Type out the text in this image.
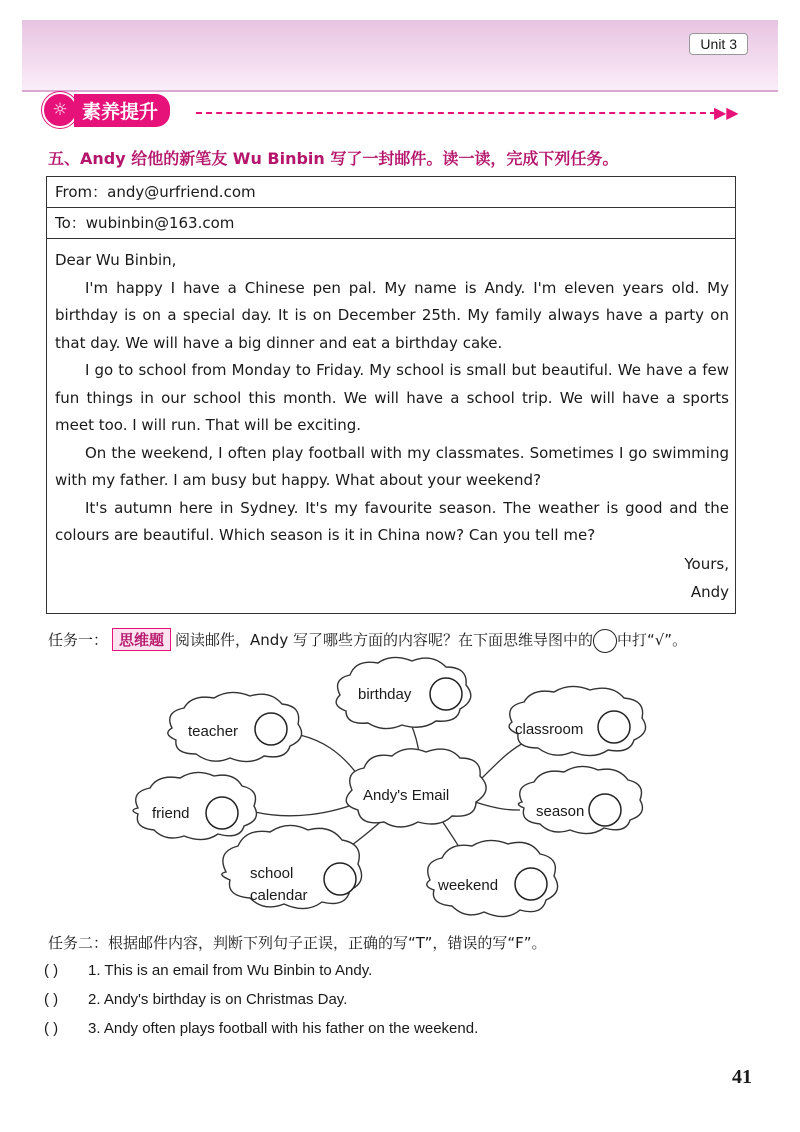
Unit 3
☼ 素养提升	▶▶
五、Andy 给他的新笔友 Wu Binbin 写了一封邮件。读一读，完成下列任务。
From：andy@urfriend.com
To：wubinbin@163.com

Dear Wu Binbin,

I'm happy I have a Chinese pen pal. My name is Andy. I'm eleven years old. My birthday is on a special day. It is on December 25th. My family always have a party on that day. We will have a big dinner and eat a birthday cake.

I go to school from Monday to Friday. My school is small but beautiful. We have a few fun things in our school this month. We will have a school trip. We will have a sports meet too. I will run. That will be exciting.

On the weekend, I often play football with my classmates. Sometimes I go swimming with my father. I am busy but happy. What about your weekend?

It's autumn here in Sydney. It's my favourite season. The weather is good and the colours are beautiful. Which season is it in China now? Can you tell me?

Yours,
Andy
任务一： 思维题 阅读邮件，Andy 写了哪些方面的内容呢？在下面思维导图中的 中打“√”。
Andy's Email
birthday
teacher	classroom
friend	season
school
calendar
weekend
任务二：根据邮件内容，判断下列句子正误，正确的写“T”，错误的写“F”。
( ) 1. This is an email from Wu Binbin to Andy.
( ) 2. Andy's birthday is on Christmas Day.
( ) 3. Andy often plays football with his father on the weekend.
41
